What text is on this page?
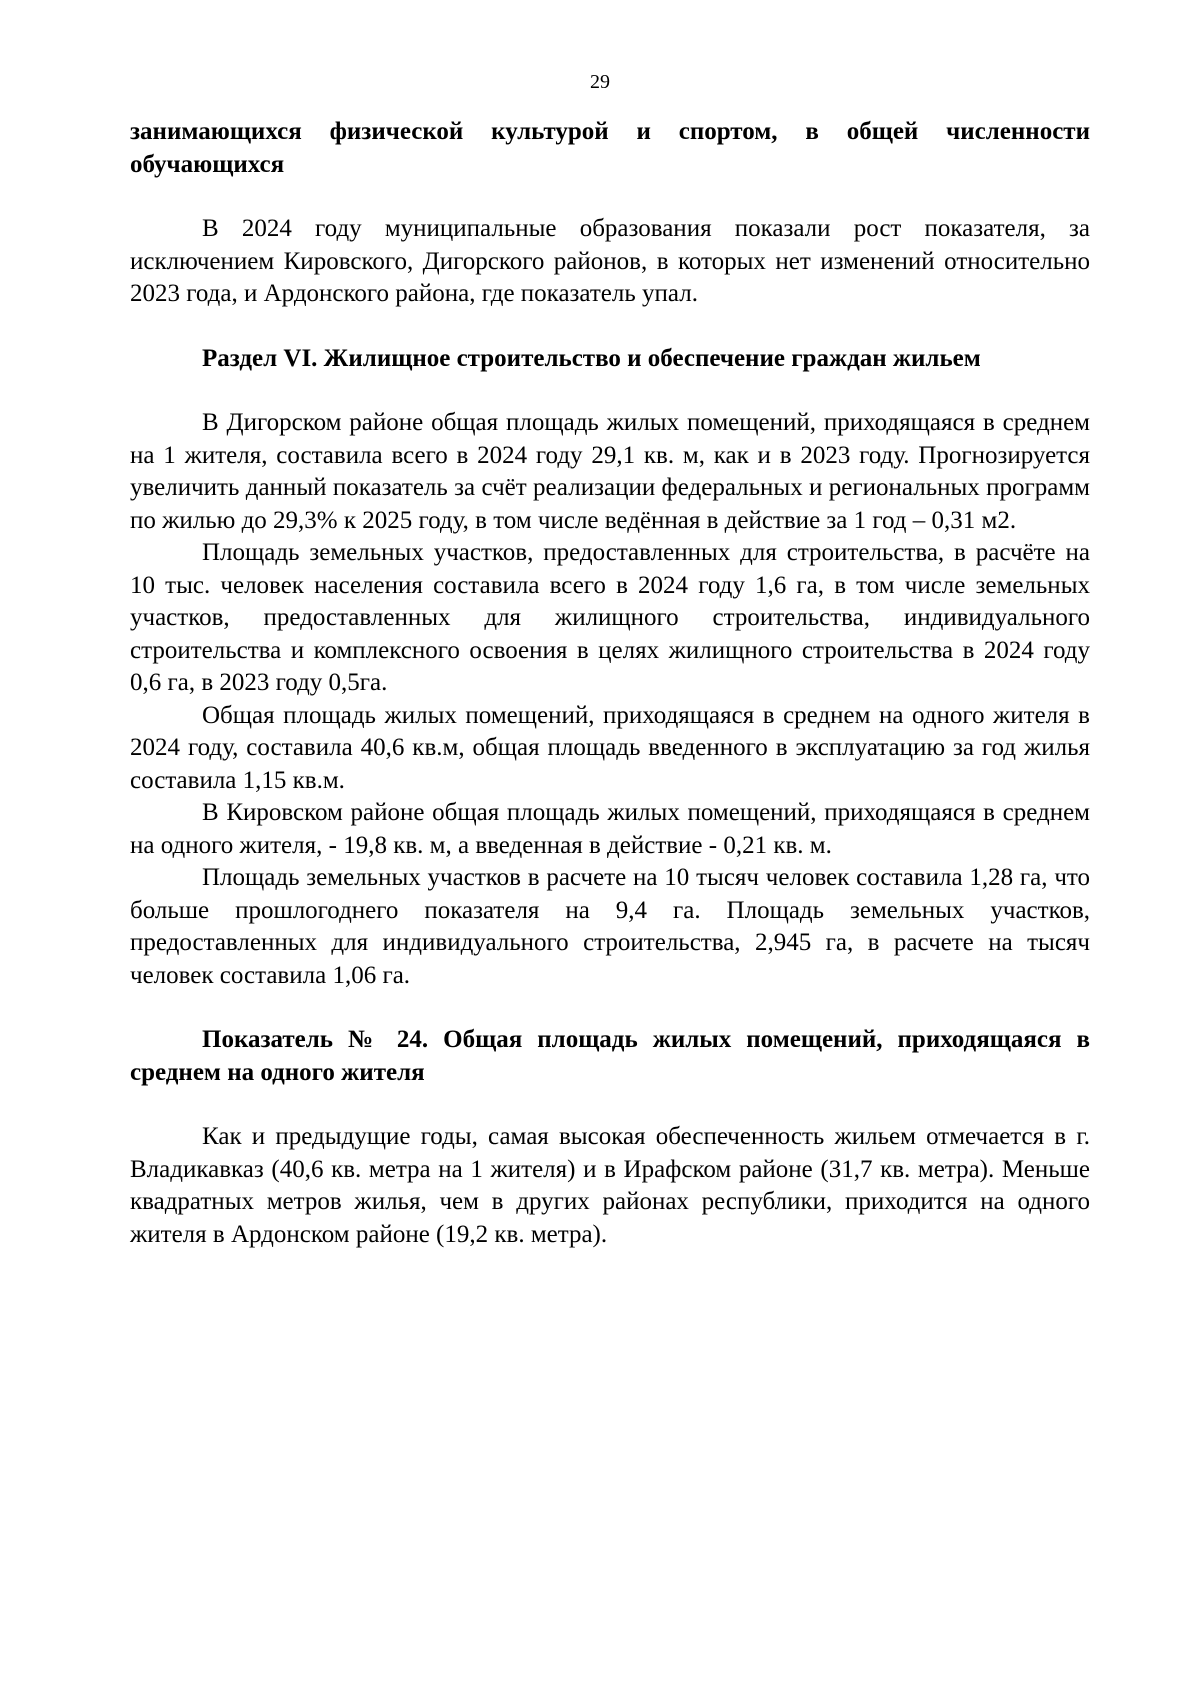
29

занимающихся физической культурой и спортом, в общей численности обучающихся

В 2024 году муниципальные образования показали рост показателя, за исключением Кировского, Дигорского районов, в которых нет изменений относительно 2023 года, и Ардонского района, где показатель упал.

Раздел VI. Жилищное строительство и обеспечение граждан жильем

В Дигорском районе общая площадь жилых помещений, приходящаяся в среднем на 1 жителя, составила всего в 2024 году 29,1 кв. м, как и в 2023 году. Прогнозируется увеличить данный показатель за счёт реализации федеральных и региональных программ по жилью до 29,3% к 2025 году, в том числе ведённая в действие за 1 год – 0,31 м2.

Площадь земельных участков, предоставленных для строительства, в расчёте на 10 тыс. человек населения составила всего в 2024 году 1,6 га, в том числе земельных участков, предоставленных для жилищного строительства, индивидуального строительства и комплексного освоения в целях жилищного строительства в 2024 году 0,6 га, в 2023 году 0,5га.

Общая площадь жилых помещений, приходящаяся в среднем на одного жителя в 2024 году, составила 40,6 кв.м, общая площадь введенного в эксплуатацию за год жилья составила 1,15 кв.м.

В Кировском районе общая площадь жилых помещений, приходящаяся в среднем на одного жителя, - 19,8 кв. м, а введенная в действие - 0,21 кв. м.

Площадь земельных участков в расчете на 10 тысяч человек составила 1,28 га, что больше прошлогоднего показателя на 9,4 га. Площадь земельных участков, предоставленных для индивидуального строительства, 2,945 га, в расчете на тысяч человек составила 1,06 га.

Показатель № 24. Общая площадь жилых помещений, приходящаяся в среднем на одного жителя

Как и предыдущие годы, самая высокая обеспеченность жильем отмечается в г. Владикавказ (40,6 кв. метра на 1 жителя) и в Ирафском районе (31,7 кв. метра). Меньше квадратных метров жилья, чем в других районах республики, приходится на одного жителя в Ардонском районе (19,2 кв. метра).
